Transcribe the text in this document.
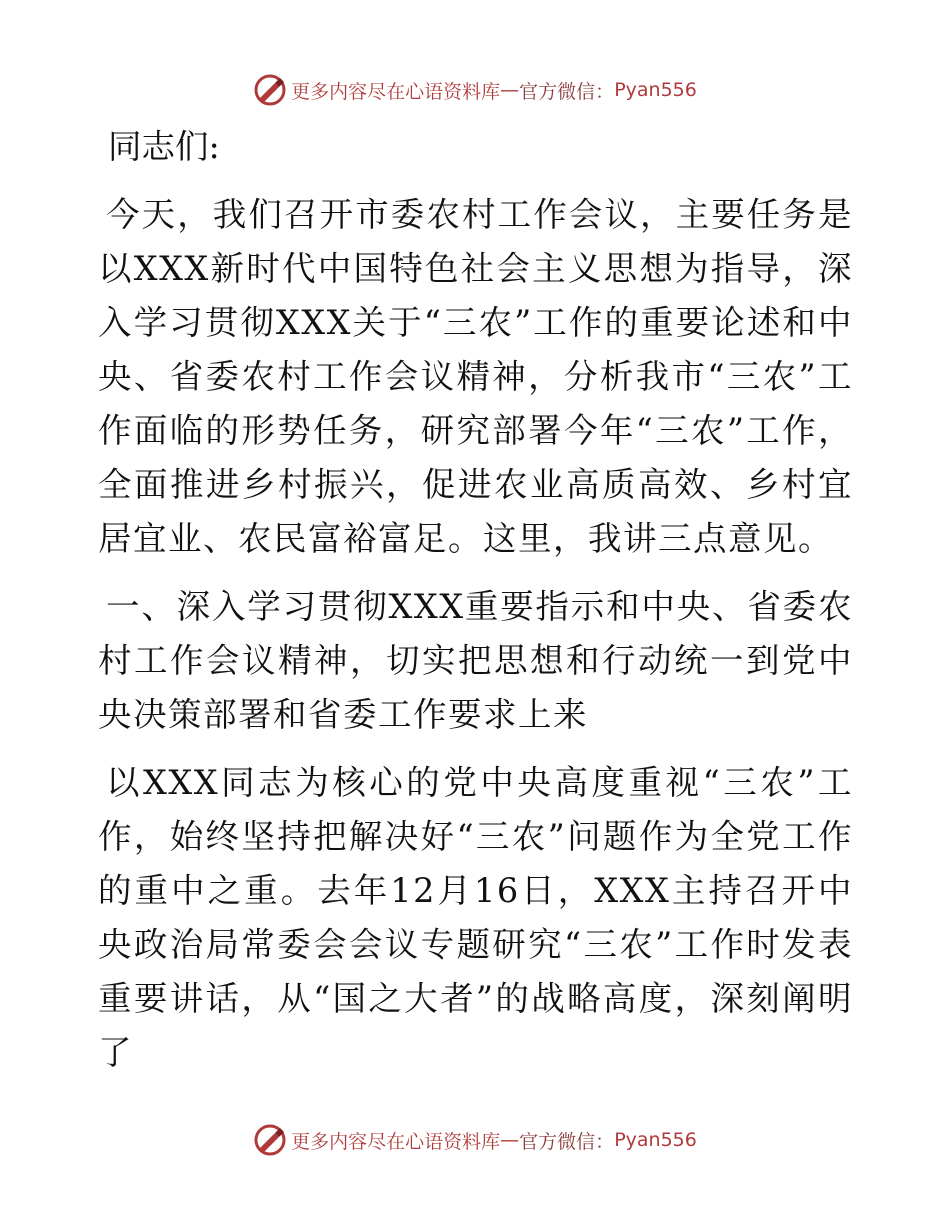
更多内容尽在心语资料库 — 官方微信： Pyan556

同志们:

今天，我们召开市委农村工作会议，主要任务是以XXX新时代中国特色社会主义思想为指导，深入学习贯彻XXX关于“三农”工作的重要论述和中央、省委农村工作会议精神，分析我市“三农”工作面临的形势任务，研究部署今年“三农”工作，全面推进乡村振兴，促进农业高质高效、乡村宜居宜业、农民富裕富足。这里，我讲三点意见。

一、深入学习贯彻XXX重要指示和中央、省委农村工作会议精神，切实把思想和行动统一到党中央决策部署和省委工作要求上来

以XXX同志为核心的党中央高度重视“三农”工作，始终坚持把解决好“三农”问题作为全党工作的重中之重。去年12月16日，XXX主持召开中央政治局常委会会议专题研究“三农”工作时发表重要讲话，从“国之大者”的战略高度，深刻阐明了

更多内容尽在心语资料库 — 官方微信： Pyan556
